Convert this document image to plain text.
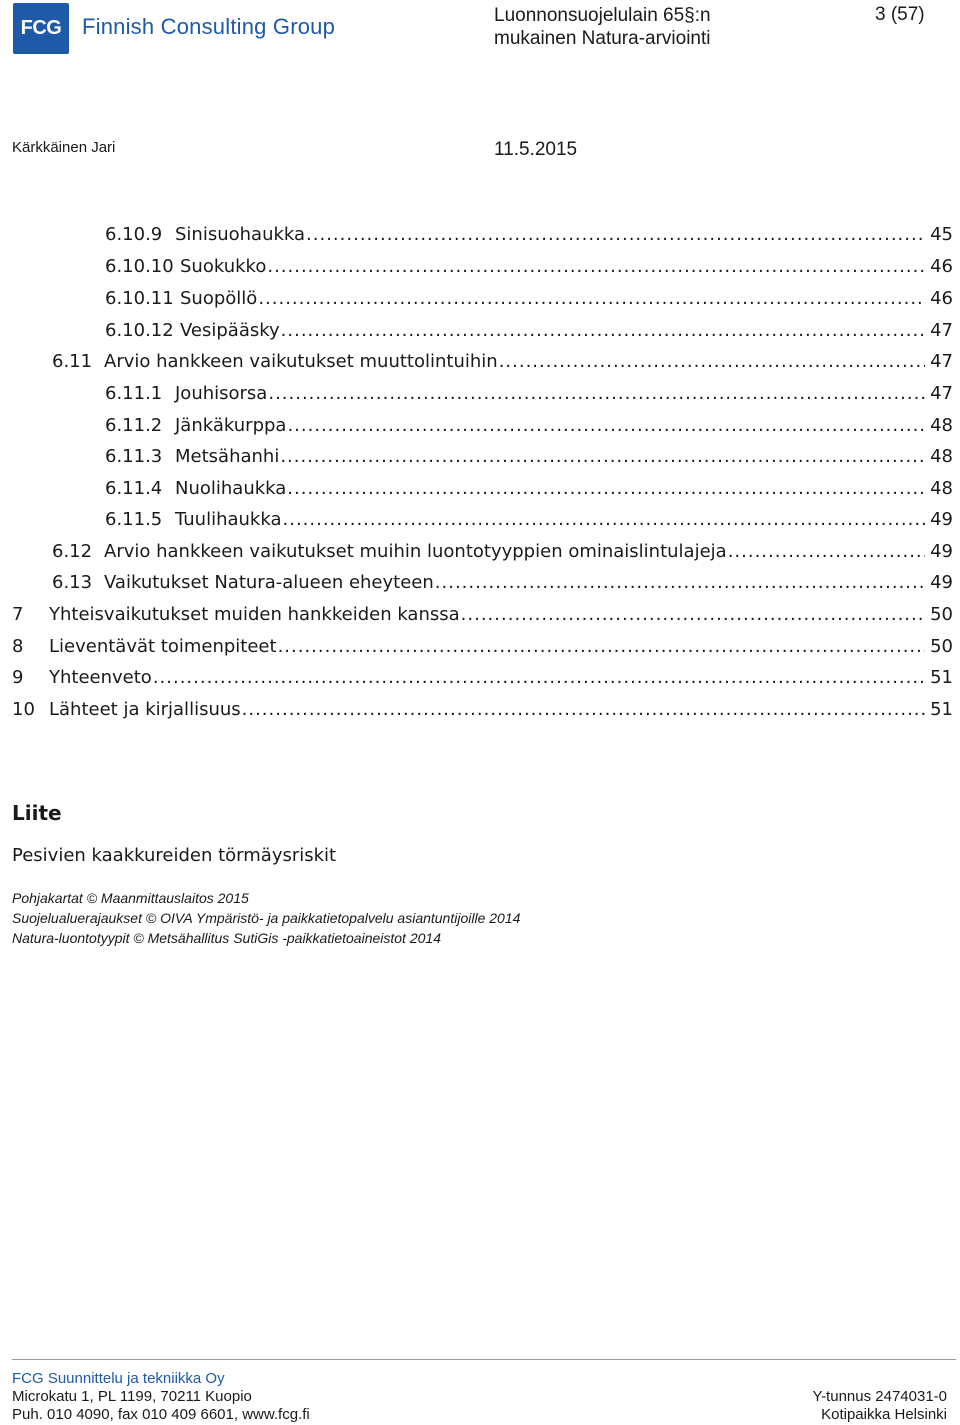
FCG Finnish Consulting Group	Luonnonsuojelulain 65§:n mukainen Natura-arviointi
3 (57)
Kärkkäinen Jari	11.5.2015
6.10.9 Sinisuohaukka .....	45
6.10.10 Suokukko .....	46
6.10.11 Suopöllö .....	46
6.10.12 Vesipääsky .....	47
6.11 Arvio hankkeen vaikutukset muuttolintuihin .....	47
6.11.1 Jouhisorsa .....	47
6.11.2 Jänkäkurppa .....	48
6.11.3 Metsähanhi .....	48
6.11.4 Nuolihaukka .....	48
6.11.5 Tuulihaukka .....	49
6.12 Arvio hankkeen vaikutukset muihin luontotyyppien ominaislintulajeja .....	49
6.13 Vaikutukset Natura-alueen eheyteen .....	49
7	Yhteisvaikutukset muiden hankkeiden kanssa .....	50
8	Lieventävät toimenpiteet .....	50
9	Yhteenveto .....	51
10 Lähteet ja kirjallisuus .....	51
Liite
Pesivien kaakkureiden törmäysriskit
Pohjakartat © Maanmittauslaitos 2015
Suojelualuerajaukset © OIVA Ympäristö- ja paikkatietopalvelu asiantuntijoille 2014
Natura-luontotyypit © Metsähallitus SutiGis -paikkatietoaineistot 2014
FCG Suunnittelu ja tekniikka Oy
Microkatu 1, PL 1199, 70211 Kuopio
Puh. 010 4090, fax 010 409 6601, www.fcg.fi
Y-tunnus 2474031-0
Kotipaikka Helsinki
